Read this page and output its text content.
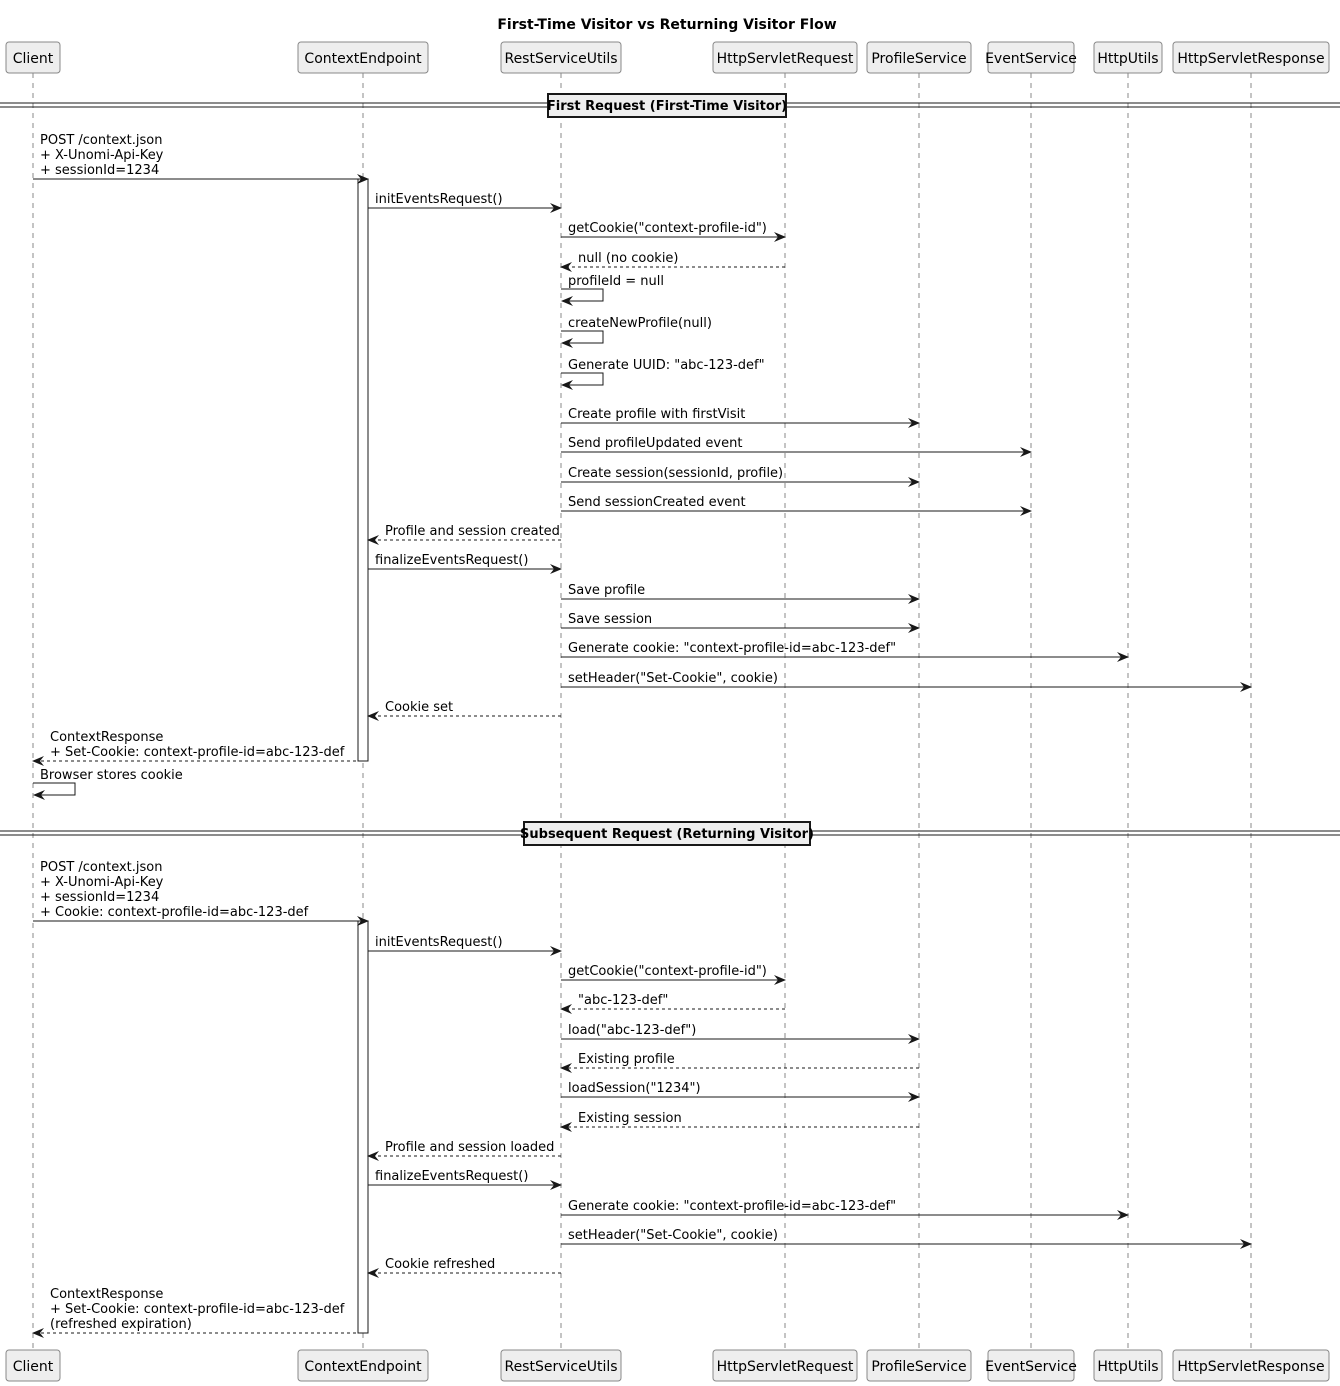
First-Time Visitor vs Returning Visitor Flow
First Request (First-Time Visitor)
Subsequent Request (Returning Visitor)
POST /context.json
+ X-Unomi-Api-Key
+ sessionId=1234
initEventsRequest()
getCookie("context-profile-id")
null (no cookie)
profileId = null
createNewProfile(null)
Generate UUID: "abc-123-def"
Create profile with firstVisit
Send profileUpdated event
Create session(sessionId, profile)
Send sessionCreated event
Profile and session created
finalizeEventsRequest()
Save profile
Save session
Generate cookie: "context-profile-id=abc-123-def"
setHeader("Set-Cookie", cookie)
Cookie set
ContextResponse
+ Set-Cookie: context-profile-id=abc-123-def
Browser stores cookie
POST /context.json
+ X-Unomi-Api-Key
+ sessionId=1234
+ Cookie: context-profile-id=abc-123-def
initEventsRequest()
getCookie("context-profile-id")
"abc-123-def"
load("abc-123-def")
Existing profile
loadSession("1234")
Existing session
Profile and session loaded
finalizeEventsRequest()
Generate cookie: "context-profile-id=abc-123-def"
setHeader("Set-Cookie", cookie)
Cookie refreshed
ContextResponse
+ Set-Cookie: context-profile-id=abc-123-def
(refreshed expiration)
Client
Client
ContextEndpoint
ContextEndpoint
RestServiceUtils
RestServiceUtils
HttpServletRequest
HttpServletRequest
ProfileService
ProfileService
EventService
EventService
HttpUtils
HttpUtils
HttpServletResponse
HttpServletResponse
